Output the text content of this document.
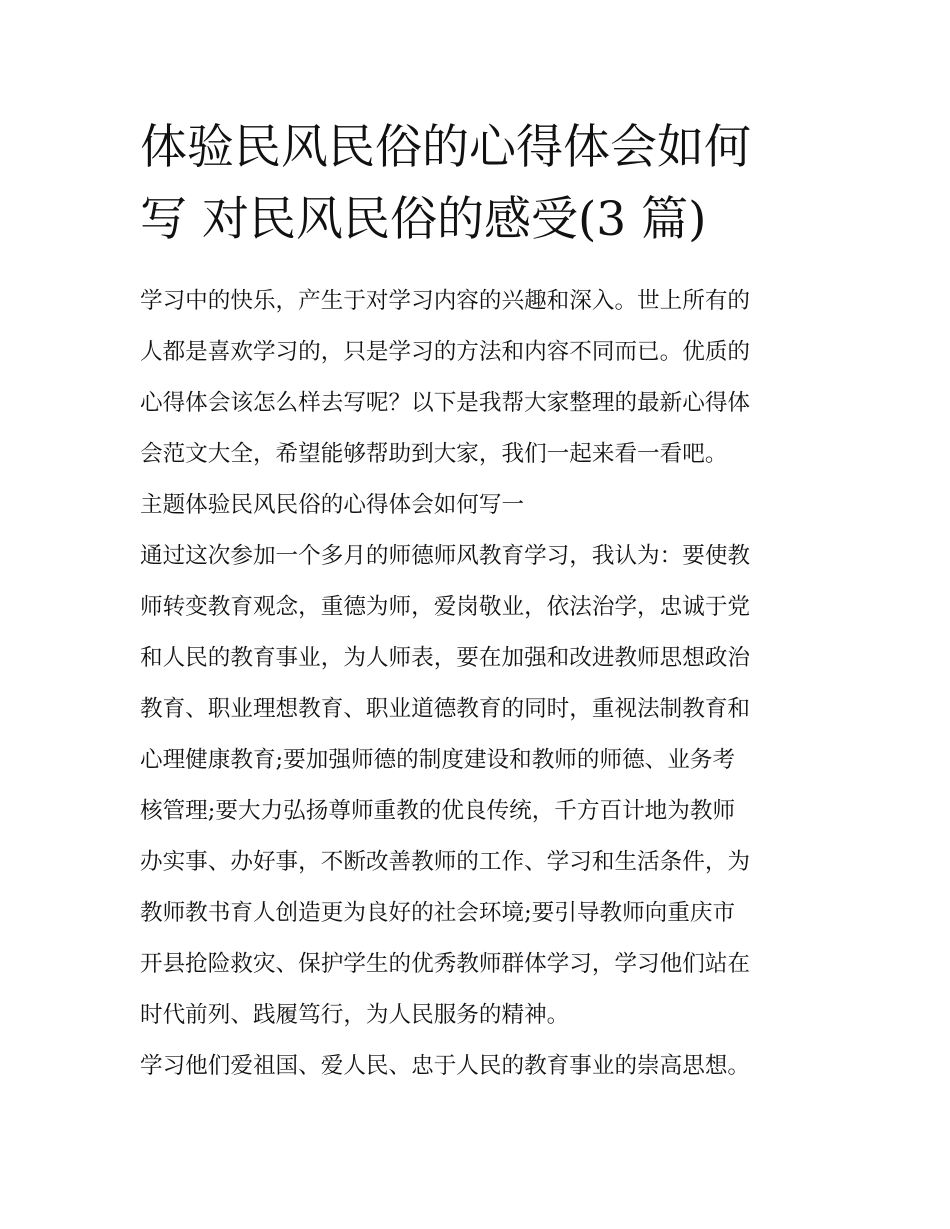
体验民风民俗的心得体会如何
写 对民风民俗的感受(3 篇)

学习中的快乐，产生于对学习内容的兴趣和深入。世上所有的
人都是喜欢学习的，只是学习的方法和内容不同而已。优质的
心得体会该怎么样去写呢？以下是我帮大家整理的最新心得体
会范文大全，希望能够帮助到大家，我们一起来看一看吧。

主题体验民风民俗的心得体会如何写一

通过这次参加一个多月的师德师风教育学习，我认为：要使教
师转变教育观念，重德为师，爱岗敬业，依法治学，忠诚于党
和人民的教育事业，为人师表，要在加强和改进教师思想政治
教育、职业理想教育、职业道德教育的同时，重视法制教育和
心理健康教育;要加强师德的制度建设和教师的师德、业务考
核管理;要大力弘扬尊师重教的优良传统，千方百计地为教师
办实事、办好事，不断改善教师的工作、学习和生活条件，为
教师教书育人创造更为良好的社会环境;要引导教师向重庆市
开县抢险救灾、保护学生的优秀教师群体学习，学习他们站在
时代前列、践履笃行，为人民服务的精神。

学习他们爱祖国、爱人民、忠于人民的教育事业的崇高思想。
